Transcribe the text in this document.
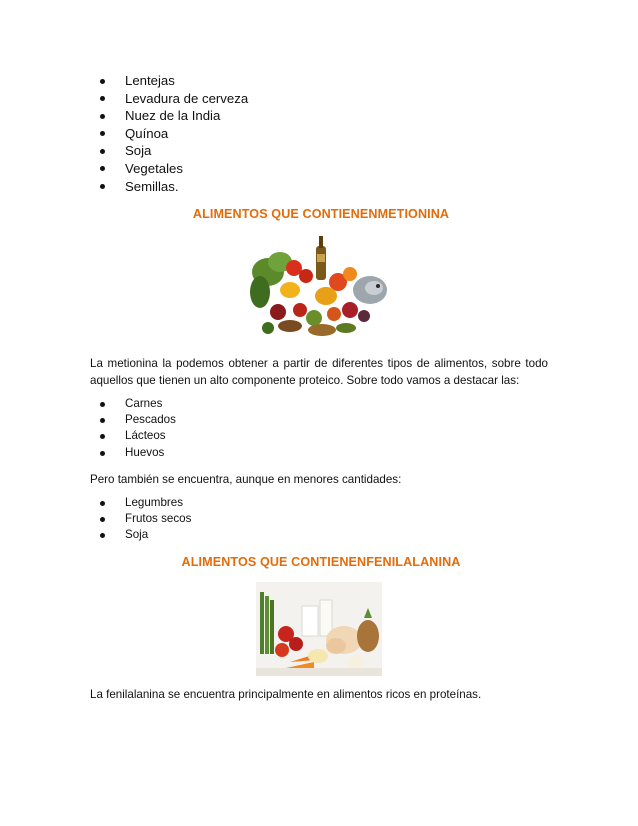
Lentejas
Levadura de cerveza
Nuez de la India
Quínoa
Soja
Vegetales
Semillas.
ALIMENTOS QUE CONTIENENMETIONINA
La metionina la podemos obtener a partir de diferentes tipos de alimentos, sobre todo aquellos que tienen un alto componente proteico. Sobre todo vamos a destacar las:
Carnes
Pescados
Lácteos
Huevos
Pero también se encuentra, aunque en menores cantidades:
Legumbres
Frutos secos
Soja
ALIMENTOS QUE CONTIENENFENILALANINA
La fenilalanina se encuentra principalmente en alimentos ricos en proteínas.
